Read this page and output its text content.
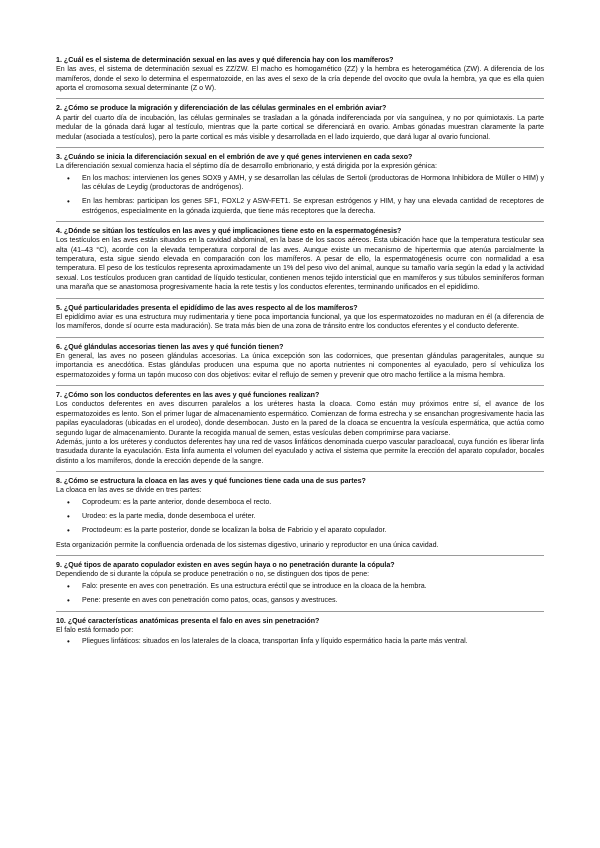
1. ¿Cuál es el sistema de determinación sexual en las aves y qué diferencia hay con los mamíferos?

En las aves, el sistema de determinación sexual es ZZ/ZW. El macho es homogamético (ZZ) y la hembra es heterogamética (ZW). A diferencia de los mamíferos, donde el sexo lo determina el espermatozoide, en las aves el sexo de la cría depende del ovocito que ovula la hembra, ya que es ella quien aporta el cromosoma sexual determinante (Z o W).

2. ¿Cómo se produce la migración y diferenciación de las células germinales en el embrión aviar?

A partir del cuarto día de incubación, las células germinales se trasladan a la gónada indiferenciada por vía sanguínea, y no por quimiotaxis. La parte medular de la gónada dará lugar al testículo, mientras que la parte cortical se diferenciará en ovario. Ambas gónadas muestran claramente la parte medular (asociada a testículos), pero la parte cortical es más visible y desarrollada en el lado izquierdo, que dará lugar al ovario funcional.

3. ¿Cuándo se inicia la diferenciación sexual en el embrión de ave y qué genes intervienen en cada sexo?

La diferenciación sexual comienza hacia el séptimo día de desarrollo embrionario, y está dirigida por la expresión génica:

• En los machos: intervienen los genes SOX9 y AMH, y se desarrollan las células de Sertoli (productoras de Hormona Inhibidora de Müller o HIM) y las células de Leydig (productoras de andrógenos).
• En las hembras: participan los genes SF1, FOXL2 y ASW-FET1. Se expresan estrógenos y HIM, y hay una elevada cantidad de receptores de estrógenos, especialmente en la gónada izquierda, que tiene más receptores que la derecha.

4. ¿Dónde se sitúan los testículos en las aves y qué implicaciones tiene esto en la espermatogénesis?

Los testículos en las aves están situados en la cavidad abdominal, en la base de los sacos aéreos. Esta ubicación hace que la temperatura testicular sea alta (41–43 °C), acorde con la elevada temperatura corporal de las aves. Aunque existe un mecanismo de hipertermia que atenúa parcialmente la temperatura, esta sigue siendo elevada en comparación con los mamíferos. A pesar de ello, la espermatogénesis ocurre con normalidad a esa temperatura. El peso de los testículos representa aproximadamente un 1% del peso vivo del animal, aunque su tamaño varía según la edad y la actividad sexual. Los testículos producen gran cantidad de líquido testicular, contienen menos tejido intersticial que en mamíferos y sus túbulos seminíferos forman una maraña que se anastomosa progresivamente hacia la rete testis y los conductos eferentes, terminando unificados en el epidídimo.

5. ¿Qué particularidades presenta el epidídimo de las aves respecto al de los mamíferos?

El epidídimo aviar es una estructura muy rudimentaria y tiene poca importancia funcional, ya que los espermatozoides no maduran en él (a diferencia de los mamíferos, donde sí ocurre esta maduración). Se trata más bien de una zona de tránsito entre los conductos eferentes y el conducto deferente.

6. ¿Qué glándulas accesorias tienen las aves y qué función tienen?

En general, las aves no poseen glándulas accesorias. La única excepción son las codornices, que presentan glándulas paragenitales, aunque su importancia es anecdótica. Estas glándulas producen una espuma que no aporta nutrientes ni componentes al eyaculado, pero sí vehiculiza los espermatozoides y forma un tapón mucoso con dos objetivos: evitar el reflujo de semen y prevenir que otro macho fertilice a la misma hembra.

7. ¿Cómo son los conductos deferentes en las aves y qué funciones realizan?

Los conductos deferentes en aves discurren paralelos a los uréteres hasta la cloaca. Como están muy próximos entre sí, el avance de los espermatozoides es lento. Son el primer lugar de almacenamiento espermático. Comienzan de forma estrecha y se ensanchan progresivamente hacia las papilas eyaculadoras (ubicadas en el urodeo), donde desembocan. Justo en la pared de la cloaca se encuentra la vesícula espermática, que actúa como segundo lugar de almacenamiento. Durante la recogida manual de semen, estas vesículas deben comprimirse para vaciarse.

Además, junto a los uréteres y conductos deferentes hay una red de vasos linfáticos denominada cuerpo vascular paracloacal, cuya función es liberar linfa trasudada durante la eyaculación. Esta linfa aumenta el volumen del eyaculado y activa el sistema que permite la erección del aparato copulador, bocales distinto a los mamíferos, donde la erección depende de la sangre.

8. ¿Cómo se estructura la cloaca en las aves y qué funciones tiene cada una de sus partes?

La cloaca en las aves se divide en tres partes:

• Coprodeum: es la parte anterior, donde desemboca el recto.
• Urodeo: es la parte media, donde desemboca el uréter.
• Proctodeum: es la parte posterior, donde se localizan la bolsa de Fabricio y el aparato copulador.

Esta organización permite la confluencia ordenada de los sistemas digestivo, urinario y reproductor en una única cavidad.

9. ¿Qué tipos de aparato copulador existen en aves según haya o no penetración durante la cópula?

Dependiendo de si durante la cópula se produce penetración o no, se distinguen dos tipos de pene:

• Falo: presente en aves con penetración. Es una estructura eréctil que se introduce en la cloaca de la hembra.
• Pene: presente en aves con penetración como patos, ocas, gansos y avestruces.

10. ¿Qué características anatómicas presenta el falo en aves sin penetración?

El falo está formado por:

• Pliegues linfáticos: situados en los laterales de la cloaca, transportan linfa y líquido espermático hacia la parte más ventral.
